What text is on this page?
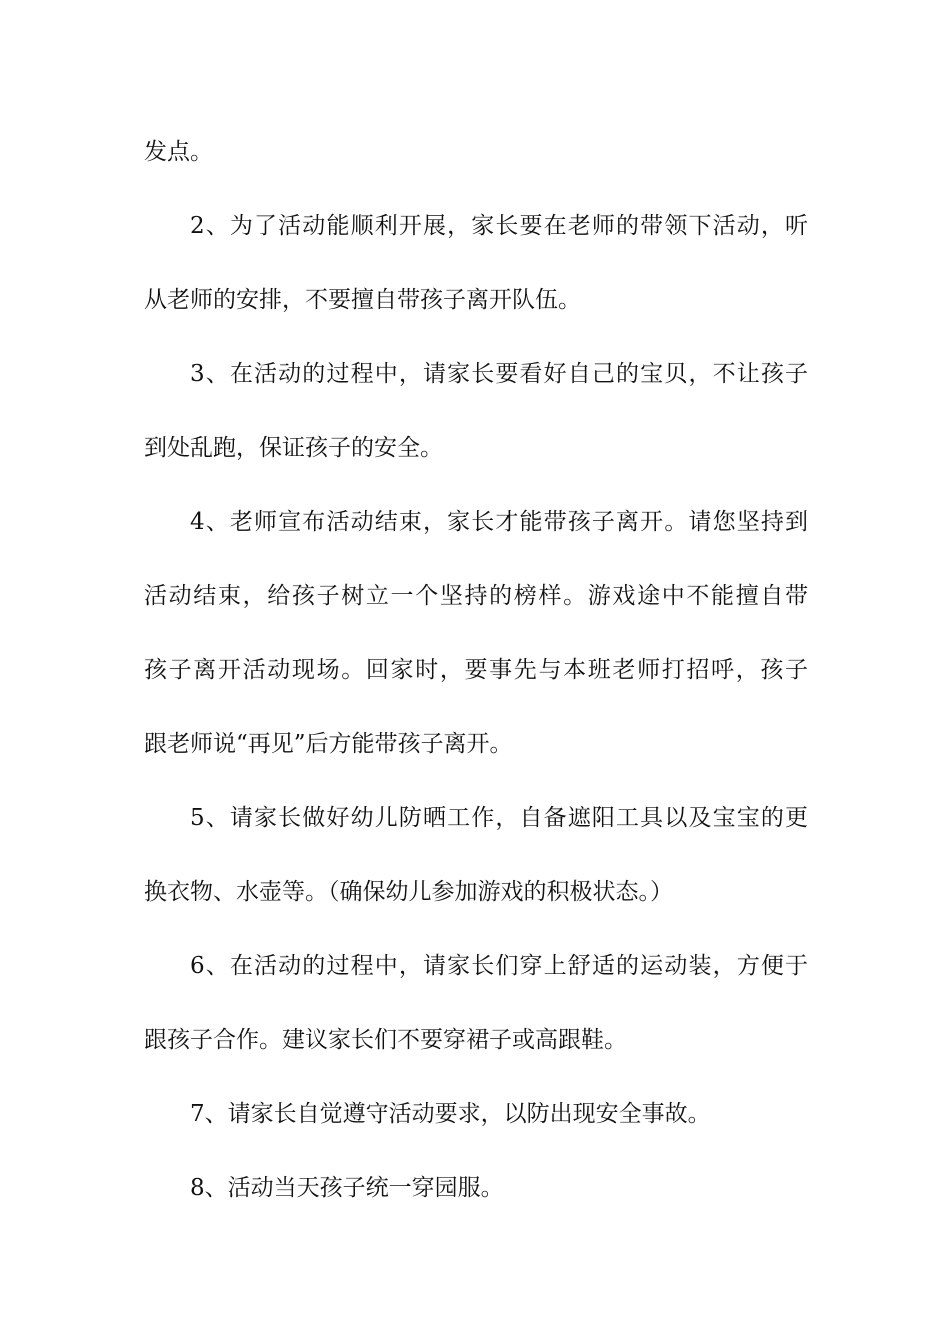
发点。
2、为了活动能顺利开展，家长要在老师的带领下活动，听
从老师的安排，不要擅自带孩子离开队伍。
3、在活动的过程中，请家长要看好自己的宝贝，不让孩子
到处乱跑，保证孩子的安全。
4、老师宣布活动结束，家长才能带孩子离开。请您坚持到
活动结束，给孩子树立一个坚持的榜样。游戏途中不能擅自带
孩子离开活动现场。回家时，要事先与本班老师打招呼，孩子
跟老师说“再见”后方能带孩子离开。
5、请家长做好幼儿防晒工作，自备遮阳工具以及宝宝的更
换衣物、水壶等。（确保幼儿参加游戏的积极状态。）
6、在活动的过程中，请家长们穿上舒适的运动装，方便于
跟孩子合作。建议家长们不要穿裙子或高跟鞋。
7、请家长自觉遵守活动要求，以防出现安全事故。
8、活动当天孩子统一穿园服。
